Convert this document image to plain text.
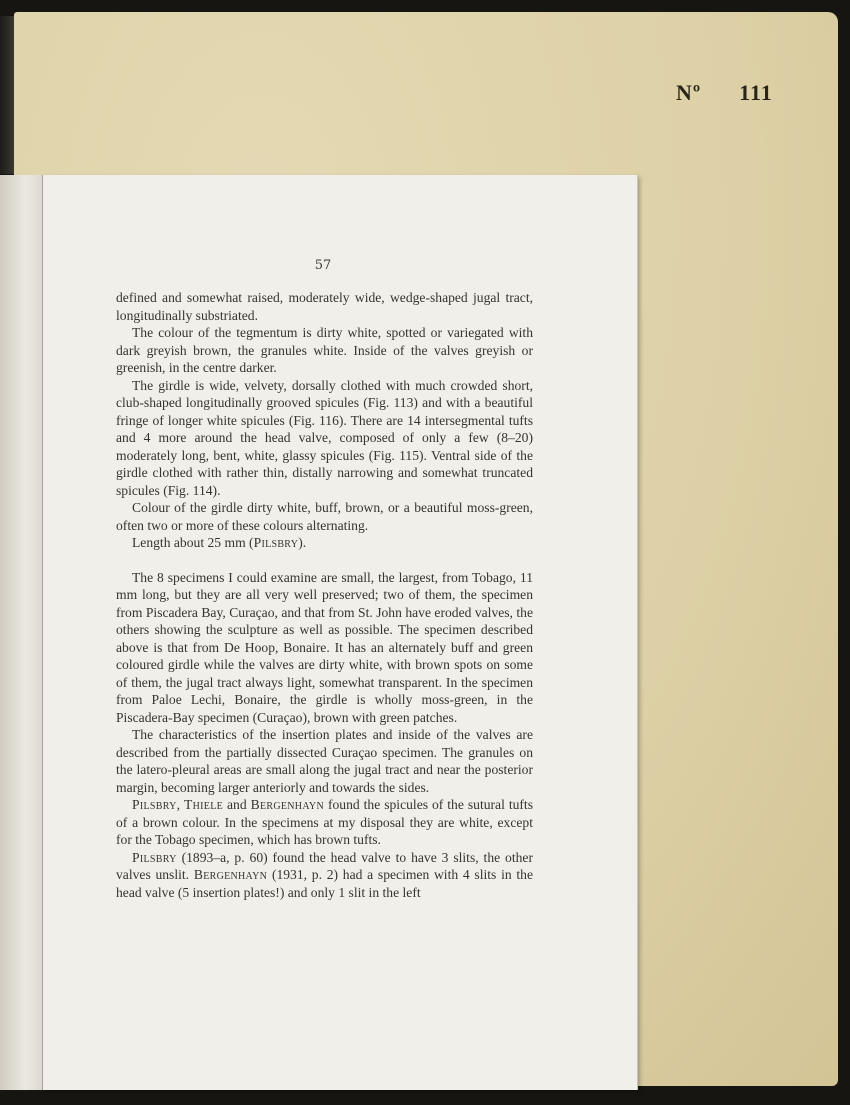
Nº 111
57

defined and somewhat raised, moderately wide, wedge-shaped jugal tract, longitudinally substriated.

The colour of the tegmentum is dirty white, spotted or variegated with dark greyish brown, the granules white. Inside of the valves greyish or greenish, in the centre darker.

The girdle is wide, velvety, dorsally clothed with much crowded short, club-shaped longitudinally grooved spicules (Fig. 113) and with a beautiful fringe of longer white spicules (Fig. 116). There are 14 intersegmental tufts and 4 more around the head valve, composed of only a few (8–20) moderately long, bent, white, glassy spicules (Fig. 115). Ventral side of the girdle clothed with rather thin, distally narrowing and somewhat truncated spicules (Fig. 114).

Colour of the girdle dirty white, buff, brown, or a beautiful moss-green, often two or more of these colours alternating.

Length about 25 mm (Pilsbry).

The 8 specimens I could examine are small, the largest, from Tobago, 11 mm long, but they are all very well preserved; two of them, the specimen from Piscadera Bay, Curaçao, and that from St. John have eroded valves, the others showing the sculpture as well as possible. The specimen described above is that from De Hoop, Bonaire. It has an alternately buff and green coloured girdle while the valves are dirty white, with brown spots on some of them, the jugal tract always light, somewhat transparent. In the specimen from Paloe Lechi, Bonaire, the girdle is wholly moss-green, in the Piscadera-Bay specimen (Curaçao), brown with green patches.

The characteristics of the insertion plates and inside of the valves are described from the partially dissected Curaçao specimen. The granules on the latero-pleural areas are small along the jugal tract and near the posterior margin, becoming larger anteriorly and towards the sides.

Pilsbry, Thiele and Bergenhayn found the spicules of the sutural tufts of a brown colour. In the specimens at my disposal they are white, except for the Tobago specimen, which has brown tufts.

Pilsbry (1893–a, p. 60) found the head valve to have 3 slits, the other valves unslit. Bergenhayn (1931, p. 2) had a specimen with 4 slits in the head valve (5 insertion plates!) and only 1 slit in the left
